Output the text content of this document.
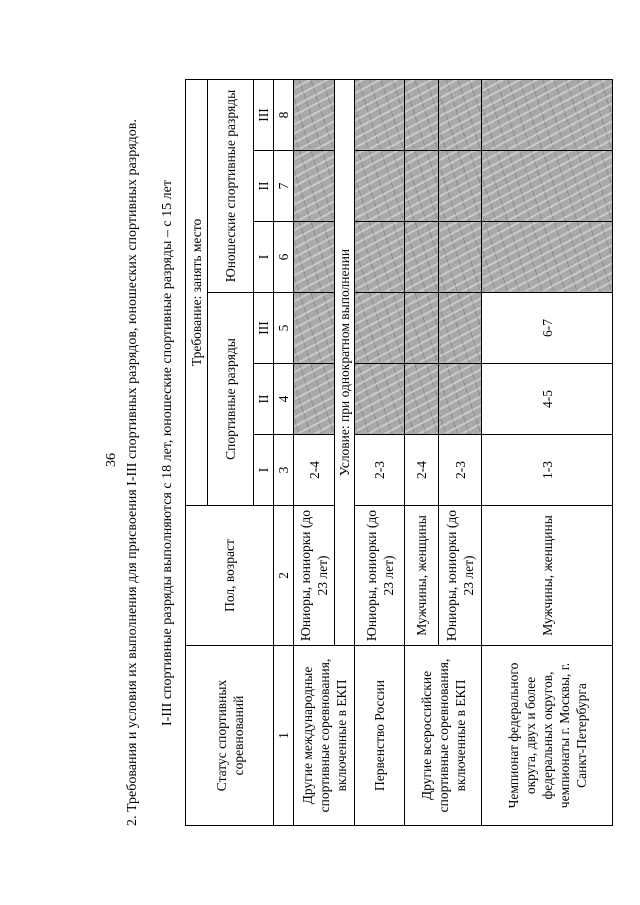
36 2. Требования и условия их выполнения для присвоения I-III спортивных разрядов, юношеских спортивных разрядов. I-III спортивные разряды выполняются с 18 лет, юношеские спортивные разряды – с 15 лет
Статус спортивных соревнований	Пол, возраст	Требование: занять место					
		Спортивные разряды			Юношеские спортивные разряды		
		I	II	III	I	II	III
1	2	3	4	5	6	7	8
Другие международные спортивные соревнования, включенные в ЕКП	Юниоры, юниорки (до 23 лет)	2-4					
	Условие: при однократном выполнении						
Первенство России	Юниоры, юниорки (до 23 лет)	2-3					
Другие всероссийские спортивные соревнования, включенные в ЕКП	Мужчины, женщины	2-4					
	Юниоры, юниорки (до 23 лет)	2-3					
Чемпионат федерального округа, двух и более федеральных округов, чемпионаты г. Москвы, г. Санкт-Петербурга	Мужчины, женщины	1-3	4-5	6-7			
